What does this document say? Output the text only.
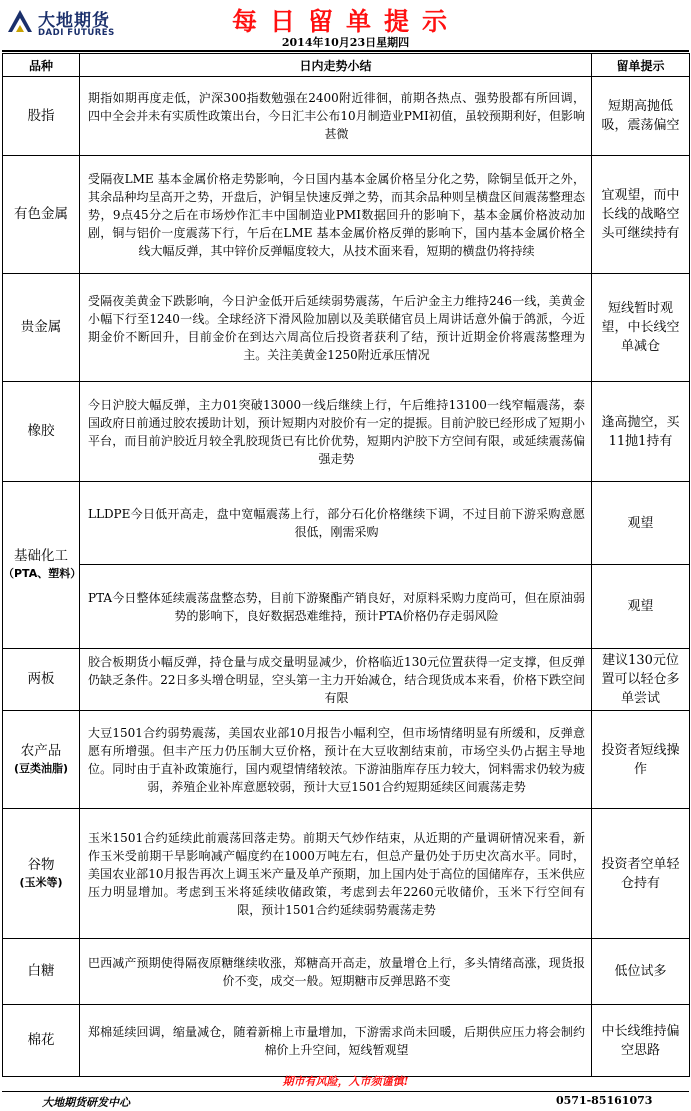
大地期货
DADI FUTURES	每日留单提示
2014年10月23日星期四
品种	日内走势小结	留单提示
股指	期指如期再度走低，沪深300指数勉强在2400附近徘徊，前期各热点、强势股都有所回调，四中全会并未有实质性政策出台，今日汇丰公布10月制造业PMI初值，虽较预期利好，但影响甚微	短期高抛低吸，震荡偏空
有色金属	受隔夜LME 基本金属价格走势影响，今日国内基本金属价格呈分化之势，除铜呈低开之外，其余品种均呈高开之势，开盘后，沪铜呈快速反弹之势，而其余品种则呈横盘区间震荡整理态势，9点45分之后在市场炒作汇丰中国制造业PMI数据回升的影响下，基本金属价格波动加剧，铜与铝价一度震荡下行，午后在LME 基本金属价格反弹的影响下，国内基本金属价格全线大幅反弹，其中锌价反弹幅度较大，从技术面来看，短期的横盘仍将持续	宜观望，而中长线的战略空头可继续持有
贵金属	受隔夜美黄金下跌影响，今日沪金低开后延续弱势震荡，午后沪金主力维持246一线，美黄金小幅下行至1240一线。全球经济下滑风险加剧以及美联储官员上周讲话意外偏于鸽派，今近期金价不断回升，目前金价在到达六周高位后投资者获利了结，预计近期金价将震荡整理为主。关注美黄金1250附近承压情况	短线暂时观望，中长线空单减仓
橡胶	今日沪胶大幅反弹，主力01突破13000一线后继续上行，午后维持13100一线窄幅震荡，泰国政府日前通过胶农援助计划，预计短期内对胶价有一定的提振。目前沪胶已经形成了短期小平台，而目前沪胶近月较全乳胶现货已有比价优势，短期内沪胶下方空间有限，或延续震荡偏强走势	逢高抛空，买11抛1持有
基础化工
（PTA、塑料）	LLDPE今日低开高走，盘中宽幅震荡上行，部分石化价格继续下调，不过目前下游采购意愿很低，刚需采购	观望
	PTA今日整体延续震荡盘整态势，目前下游聚酯产销良好，对原料采购力度尚可，但在原油弱势的影响下，良好数据恐难维持，预计PTA价格仍存走弱风险	观望
两板	胶合板期货小幅反弹，持仓量与成交量明显减少，价格临近130元位置获得一定支撑，但反弹仍缺乏条件。22日多头增仓明显，空头第一主力开始减仓，结合现货成本来看，价格下跌空间有限	建议130元位置可以轻仓多单尝试
农产品
(豆类油脂)	大豆1501合约弱势震荡，美国农业部10月报告小幅利空，但市场情绪明显有所缓和，反弹意愿有所增强。但丰产压力仍压制大豆价格，预计在大豆收割结束前，市场空头仍占据主导地位。同时由于直补政策施行，国内观望情绪较浓。下游油脂库存压力较大，饲料需求仍较为疲弱，养殖企业补库意愿较弱，预计大豆1501合约短期延续区间震荡走势	投资者短线操作
谷物
(玉米等)	玉米1501合约延续此前震荡回落走势。前期天气炒作结束，从近期的产量调研情况来看，新作玉米受前期干旱影响减产幅度约在1000万吨左右，但总产量仍处于历史次高水平。同时，美国农业部10月报告再次上调玉米产量及单产预期，加上国内处于高位的国储库存，玉米供应压力明显增加。考虑到玉米将延续收储政策，考虑到去年2260元收储价，玉米下行空间有限，预计1501合约延续弱势震荡走势	投资者空单轻仓持有
白糖	巴西减产预期使得隔夜原糖继续收涨，郑糖高开高走，放量增仓上行，多头情绪高涨，现货报价不变，成交一般。短期糖市反弹思路不变	低位试多
棉花	郑棉延续回调，缩量减仓，随着新棉上市量增加，下游需求尚未回暖，后期供应压力将会制约棉价上升空间，短线暂观望	中长线维持偏空思路
期市有风险，入市须谨慎!
大地期货研发中心	0571-85161073
